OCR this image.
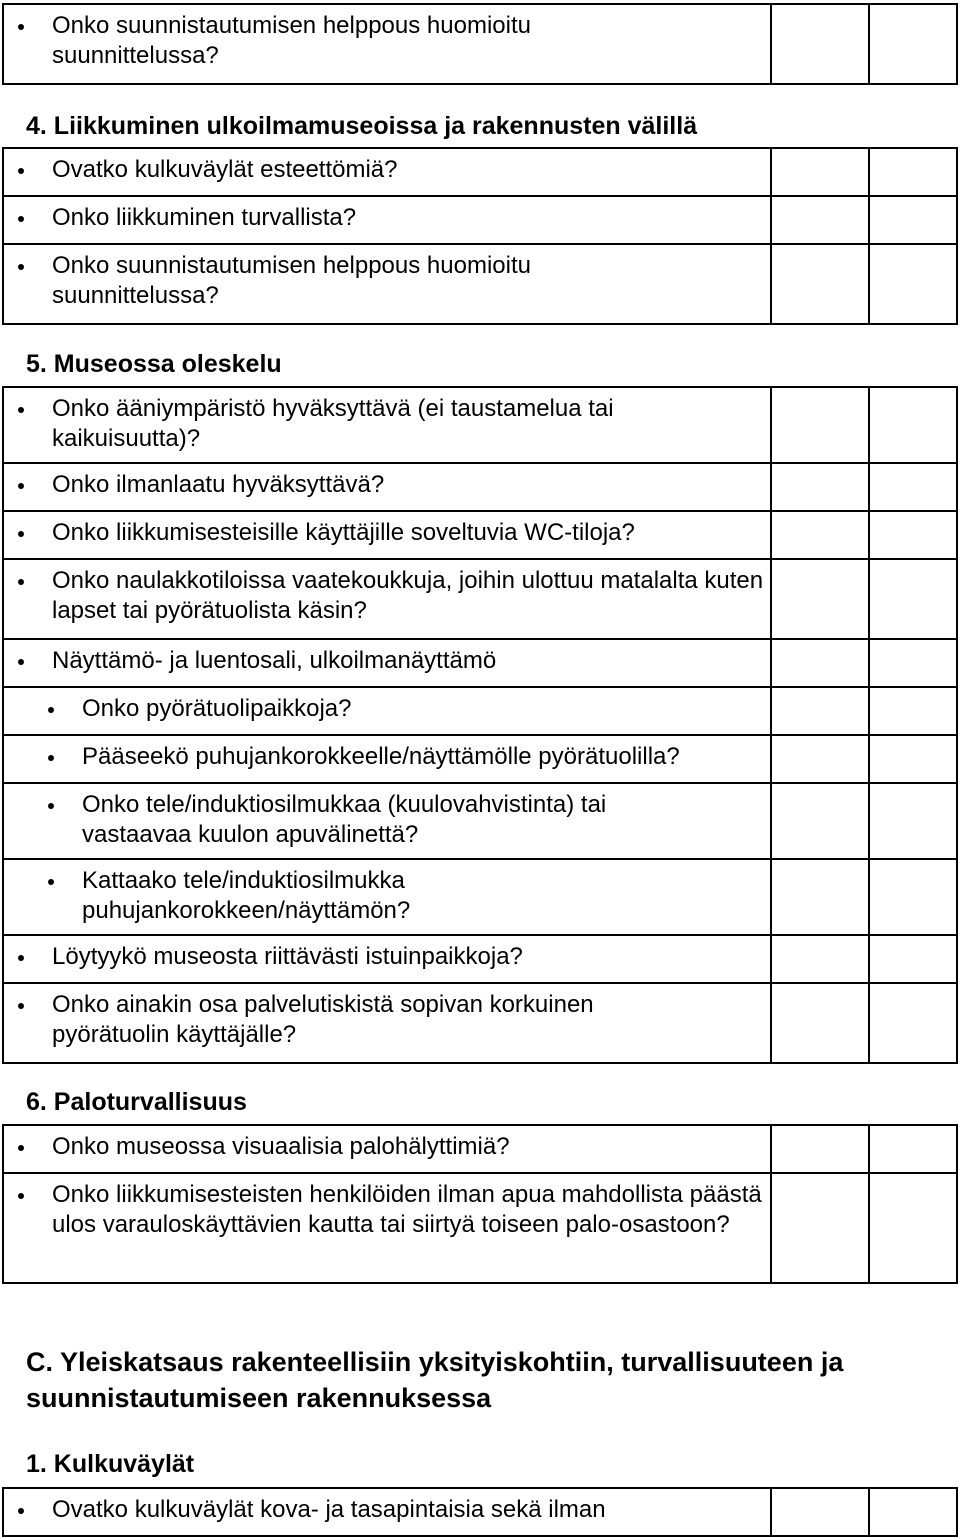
Onko suunnistautumisen helppous huomioitu suunnittelussa?

4. Liikkuminen ulkoilmamuseoissa ja rakennusten välillä
Ovatko kulkuväylät esteettömiä?		

Onko liikkuminen turvallista?		

Onko suunnistautumisen helppous huomioitu suunnittelussa?		

5. Museossa oleskelu
Onko ääniympäristö hyväksyttävä (ei taustamelua tai kaikuisuutta)?		

Onko ilmanlaatu hyväksyttävä?		

Onko liikkumisesteisille käyttäjille soveltuvia WC-tiloja?		

Onko naulakkotiloissa vaatekoukkuja, joihin ulottuu matalalta kuten lapset tai pyörätuolista käsin?		

Näyttämö- ja luentosali, ulkoilmanäyttämö		

Onko pyörätuolipaikkoja?		

Pääseekö puhujankorokkeelle/näyttämölle pyörätuolilla?		

Onko tele/induktiosilmukkaa (kuulovahvistinta) tai vastaavaa kuulon apuvälinettä?		

Kattaako tele/induktiosilmukka puhujankorokkeen/näyttämön?		

Löytyykö museosta riittävästi istuinpaikkoja?		

Onko ainakin osa palvelutiskistä sopivan korkuinen pyörätuolin käyttäjälle?		

6. Paloturvallisuus
Onko museossa visuaalisia palohälyttimiä?		

Onko liikkumisesteisten henkilöiden ilman apua mahdollista päästä ulos varauloskäyttävien kautta tai siirtyä toiseen palo-osastoon?		

C. Yleiskatsaus rakenteellisiin yksityiskohtiin, turvallisuuteen ja suunnistautumiseen rakennuksessa
1. Kulkuväylät
Ovatko kulkuväylät kova- ja tasapintaisia sekä ilman
